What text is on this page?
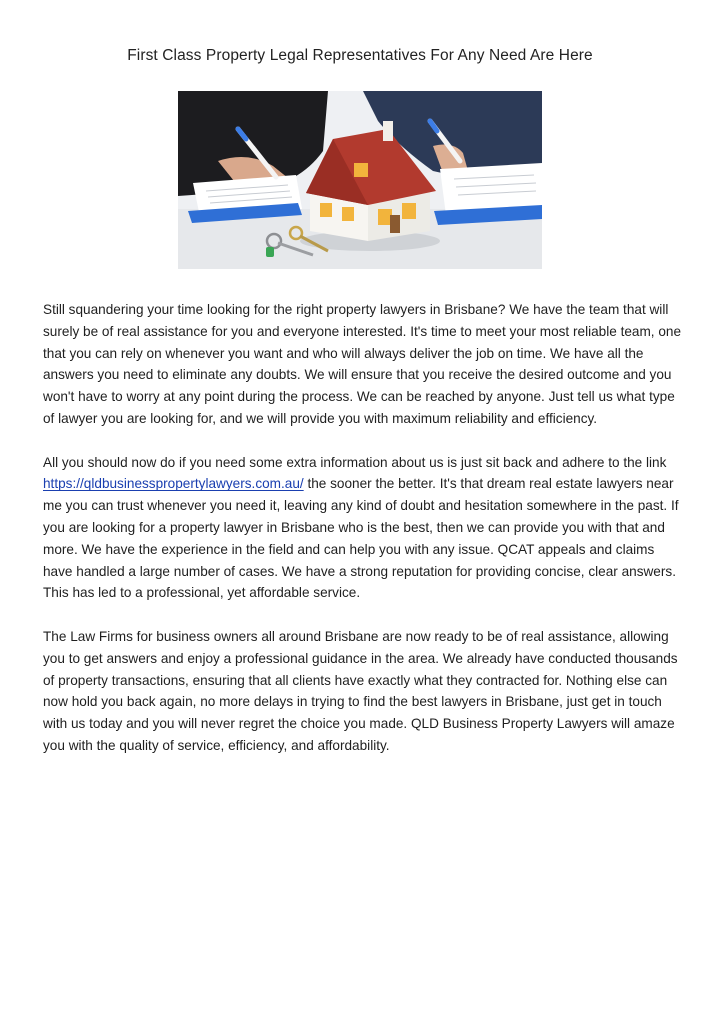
First Class Property Legal Representatives For Any Need Are Here

Still squandering your time looking for the right property lawyers in Brisbane? We have the team that will surely be of real assistance for you and everyone interested. It's time to meet your most reliable team, one that you can rely on whenever you want and who will always deliver the job on time. We have all the answers you need to eliminate any doubts. We will ensure that you receive the desired outcome and you won't have to worry at any point during the process. We can be reached by anyone. Just tell us what type of lawyer you are looking for, and we will provide you with maximum reliability and efficiency.

All you should now do if you need some extra information about us is just sit back and adhere to the link https://qldbusinesspropertylawyers.com.au/ the sooner the better. It's that dream real estate lawyers near me you can trust whenever you need it, leaving any kind of doubt and hesitation somewhere in the past. If you are looking for a property lawyer in Brisbane who is the best, then we can provide you with that and more. We have the experience in the field and can help you with any issue. QCAT appeals and claims have handled a large number of cases. We have a strong reputation for providing concise, clear answers. This has led to a professional, yet affordable service.

The Law Firms for business owners all around Brisbane are now ready to be of real assistance, allowing you to get answers and enjoy a professional guidance in the area. We already have conducted thousands of property transactions, ensuring that all clients have exactly what they contracted for. Nothing else can now hold you back again, no more delays in trying to find the best lawyers in Brisbane, just get in touch with us today and you will never regret the choice you made. QLD Business Property Lawyers will amaze you with the quality of service, efficiency, and affordability.
